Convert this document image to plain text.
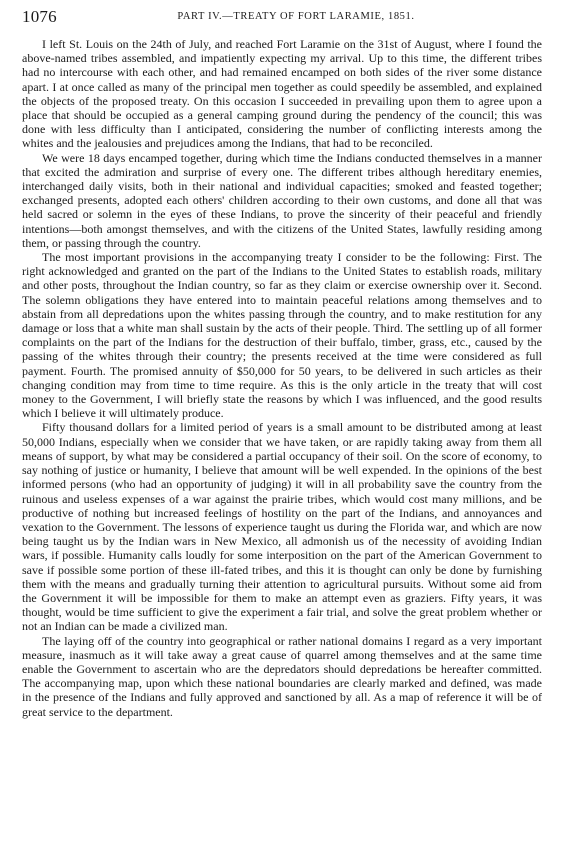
1076	PART IV.—TREATY OF FORT LARAMIE, 1851.

I left St. Louis on the 24th of July, and reached Fort Laramie on the 31st of August, where I found the above-named tribes assembled, and impatiently expecting my arrival. Up to this time, the different tribes had no intercourse with each other, and had remained encamped on both sides of the river some distance apart. I at once called as many of the principal men together as could speedily be assembled, and explained the objects of the proposed treaty. On this occasion I succeeded in prevailing upon them to agree upon a place that should be occupied as a general camping ground during the pendency of the council; this was done with less difficulty than I anticipated, considering the number of conflicting interests among the whites and the jealousies and prejudices among the Indians, that had to be reconciled.

We were 18 days encamped together, during which time the Indians conducted themselves in a manner that excited the admiration and surprise of every one. The different tribes although hereditary enemies, interchanged daily visits, both in their national and individual capacities; smoked and feasted together; exchanged presents, adopted each others' children according to their own customs, and done all that was held sacred or solemn in the eyes of these Indians, to prove the sincerity of their peaceful and friendly intentions—both amongst themselves, and with the citizens of the United States, lawfully residing among them, or passing through the country.

The most important provisions in the accompanying treaty I consider to be the following: First. The right acknowledged and granted on the part of the Indians to the United States to establish roads, military and other posts, throughout the Indian country, so far as they claim or exercise ownership over it. Second. The solemn obligations they have entered into to maintain peaceful relations among themselves and to abstain from all depredations upon the whites passing through the country, and to make restitution for any damage or loss that a white man shall sustain by the acts of their people. Third. The settling up of all former complaints on the part of the Indians for the destruction of their buffalo, timber, grass, etc., caused by the passing of the whites through their country; the presents received at the time were considered as full payment. Fourth. The promised annuity of $50,000 for 50 years, to be delivered in such articles as their changing condition may from time to time require. As this is the only article in the treaty that will cost money to the Government, I will briefly state the reasons by which I was influenced, and the good results which I believe it will ultimately produce.

Fifty thousand dollars for a limited period of years is a small amount to be distributed among at least 50,000 Indians, especially when we consider that we have taken, or are rapidly taking away from them all means of support, by what may be considered a partial occupancy of their soil. On the score of economy, to say nothing of justice or humanity, I believe that amount will be well expended. In the opinions of the best informed persons (who had an opportunity of judging) it will in all probability save the country from the ruinous and useless expenses of a war against the prairie tribes, which would cost many millions, and be productive of nothing but increased feelings of hostility on the part of the Indians, and annoyances and vexation to the Government. The lessons of experience taught us during the Florida war, and which are now being taught us by the Indian wars in New Mexico, all admonish us of the necessity of avoiding Indian wars, if possible. Humanity calls loudly for some interposition on the part of the American Government to save if possible some portion of these ill-fated tribes, and this it is thought can only be done by furnishing them with the means and gradually turning their attention to agricultural pursuits. Without some aid from the Government it will be impossible for them to make an attempt even as graziers. Fifty years, it was thought, would be time sufficient to give the experiment a fair trial, and solve the great problem whether or not an Indian can be made a civilized man.

The laying off of the country into geographical or rather national domains I regard as a very important measure, inasmuch as it will take away a great cause of quarrel among themselves and at the same time enable the Government to ascertain who are the depredators should depredations be hereafter committed. The accompanying map, upon which these national boundaries are clearly marked and defined, was made in the presence of the Indians and fully approved and sanctioned by all. As a map of reference it will be of great service to the department.
